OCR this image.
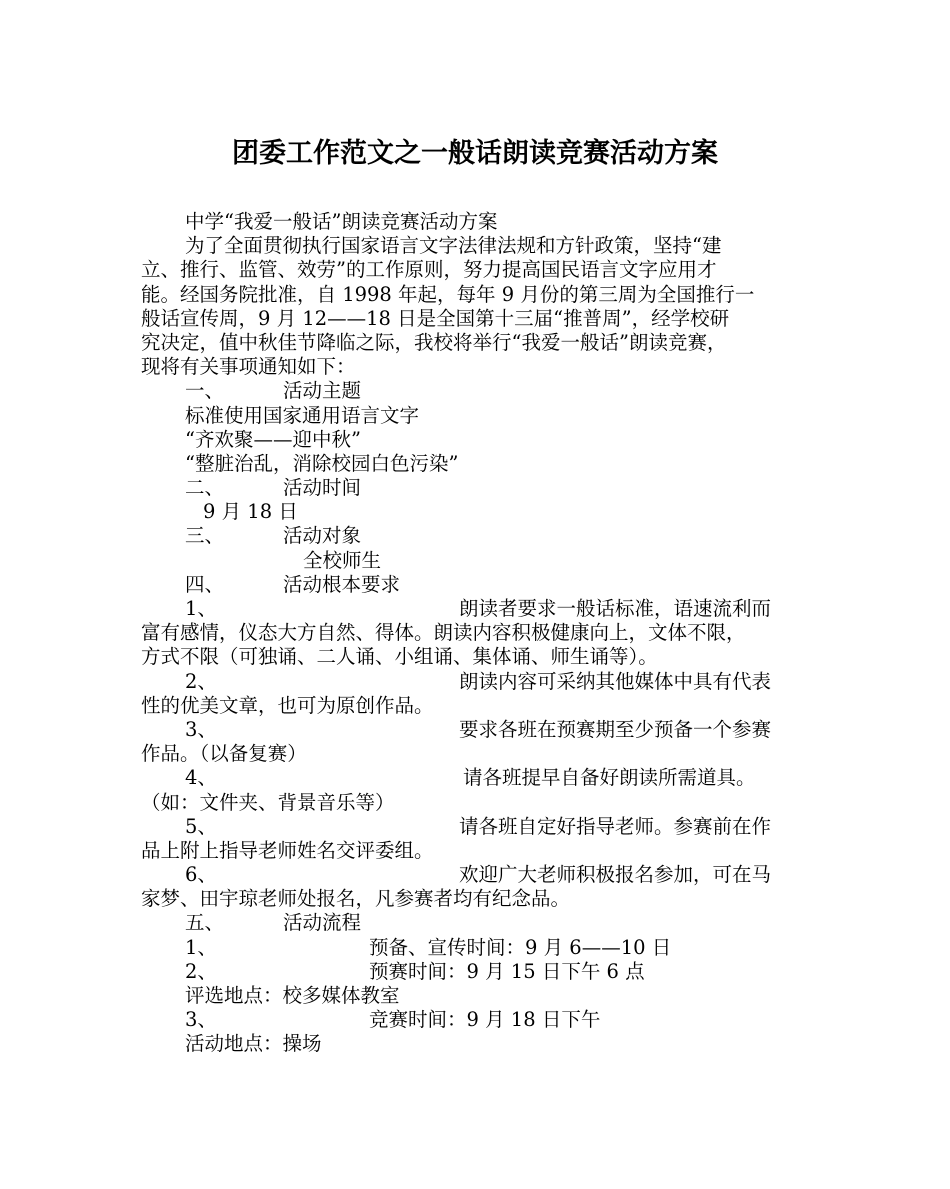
团委工作范文之一般话朗读竞赛活动方案
中学“我爱一般话”朗读竞赛活动方案
为了全面贯彻执行国家语言文字法律法规和方针政策，坚持“建
立、推行、监管、效劳”的工作原则，努力提高国民语言文字应用才
能。经国务院批准，自 1998 年起，每年 9 月份的第三周为全国推行一
般话宣传周，9 月 12——18 日是全国第十三届“推普周”，经学校研
究决定，值中秋佳节降临之际，我校将举行“我爱一般话”朗读竞赛，
现将有关事项通知如下：
一、	活动主题
标准使用国家通用语言文字
“齐欢聚——迎中秋”
“整脏治乱，消除校园白色污染”
二、	活动时间
9 月 18 日
三、	活动对象
全校师生
四、	活动根本要求
1、	朗读者要求一般话标准，语速流利而
富有感情，仪态大方自然、得体。朗读内容积极健康向上，文体不限，
方式不限（可独诵、二人诵、小组诵、集体诵、师生诵等）。
2、	朗读内容可采纳其他媒体中具有代表
性的优美文章，也可为原创作品。
3、	要求各班在预赛期至少预备一个参赛
作品。（以备复赛）
4、	请各班提早自备好朗读所需道具。
（如：文件夹、背景音乐等）
5、	请各班自定好指导老师。参赛前在作
品上附上指导老师姓名交评委组。
6、	欢迎广大老师积极报名参加，可在马
家梦、田宇琼老师处报名，凡参赛者均有纪念品。
五、	活动流程
1、	预备、宣传时间：9 月 6——10 日
2、	预赛时间：9 月 15 日下午 6 点
评选地点：校多媒体教室
3、	竞赛时间：9 月 18 日下午
活动地点：操场
